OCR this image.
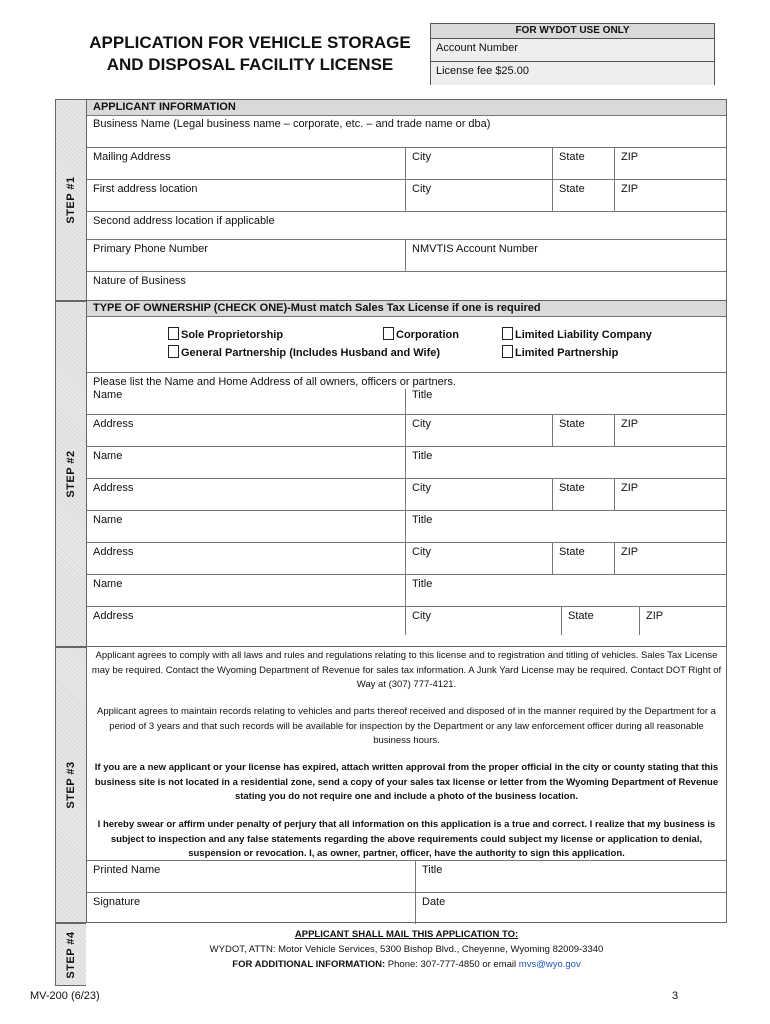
APPLICATION FOR VEHICLE STORAGE
AND DISPOSAL FACILITY LICENSE
FOR WYDOT USE ONLY
Account Number
License fee $25.00
STEP #1
STEP #2
STEP #3
STEP #4
APPLICANT INFORMATION
Business Name (Legal business name – corporate, etc. – and trade name or dba)
Mailing Address	City	State	ZIP
First address location	City	State	ZIP
Second address location if applicable
Primary Phone Number	NMVTIS Account Number
Nature of Business
TYPE OF OWNERSHIP (CHECK ONE)-Must match Sales Tax License if one is required
Sole Proprietorship	Corporation	Limited Liability Company
General Partnership (Includes Husband and Wife)	Limited Partnership
Please list the Name and Home Address of all owners, officers or partners.
Name	Title
Address	City	State	ZIP
Name	Title
Address	City	State	ZIP
Name	Title
Address	City	State	ZIP
Name	Title
Address	City	State	ZIP
Applicant agrees to comply with all laws and rules and regulations relating to this license and to registration and titling of vehicles. Sales Tax License may be required. Contact the Wyoming Department of Revenue for sales tax information. A Junk Yard License may be required. Contact DOT Right of Way at (307) 777-4121.
Applicant agrees to maintain records relating to vehicles and parts thereof received and disposed of in the manner required by the Department for a period of 3 years and that such records will be available for inspection by the Department or any law enforcement officer during all reasonable business hours.
If you are a new applicant or your license has expired, attach written approval from the proper official in the city or county stating that this business site is not located in a residential zone, send a copy of your sales tax license or letter from the Wyoming Department of Revenue stating you do not require one and include a photo of the business location.
I hereby swear or affirm under penalty of perjury that all information on this application is a true and correct. I realize that my business is subject to inspection and any false statements regarding the above requirements could subject my license or application to denial, suspension or revocation. I, as owner, partner, officer, have the authority to sign this application.
Printed Name	Title
Signature	Date
APPLICANT SHALL MAIL THIS APPLICATION TO:
WYDOT, ATTN: Motor Vehicle Services, 5300 Bishop Blvd., Cheyenne, Wyoming 82009-3340
FOR ADDITIONAL INFORMATION: Phone: 307-777-4850 or email mvs@wyo.gov
MV-200 (6/23)	3
